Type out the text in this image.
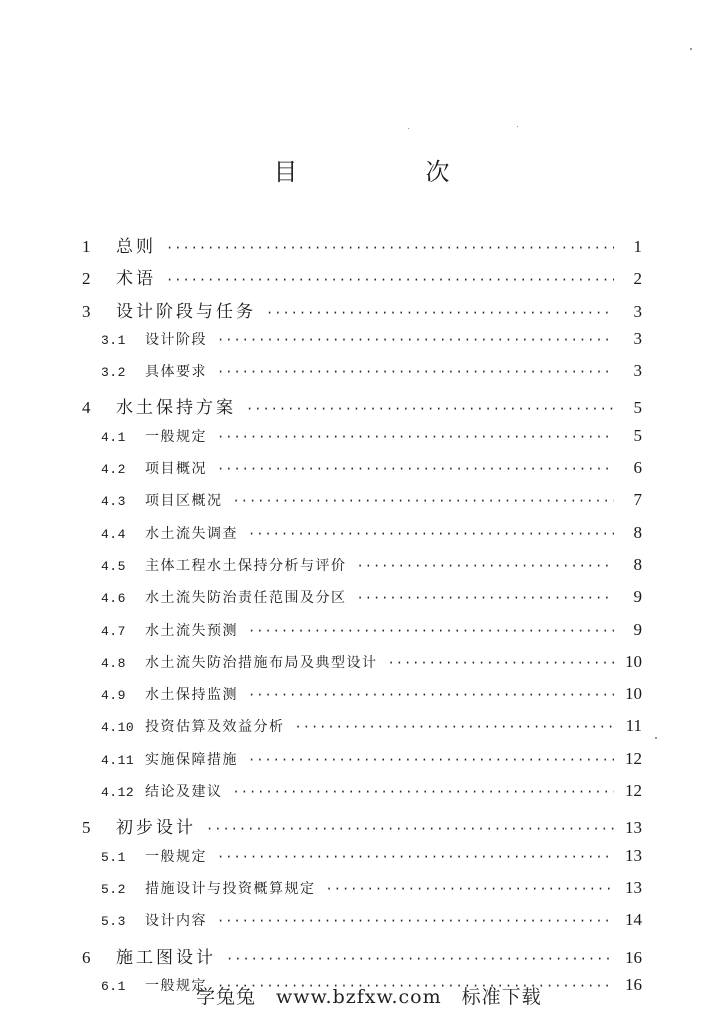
目　次
1	总则 ·····	1
2	术语 ·····	2
3	设计阶段与任务 ·····	3
3.1	设计阶段 ·····	3
3.2	具体要求 ·····	3
4	水土保持方案 ·····	5
4.1	一般规定 ·····	5
4.2	项目概况 ·····	6
4.3	项目区概况 ·····	7
4.4	水土流失调查 ·····	8
4.5	主体工程水土保持分析与评价 ·····	8
4.6	水土流失防治责任范围及分区 ·····	9
4.7	水土流失预测 ·····	9
4.8	水土流失防治措施布局及典型设计 ·····	10
4.9	水土保持监测 ·····	10
4.10 投资估算及效益分析 ·····	11
4.11 实施保障措施 ·····	12
4.12 结论及建议 ·····	12
5	初步设计 ·····	13
5.1	一般规定 ·····	13
5.2	措施设计与投资概算规定 ·····	13
5.3	设计内容 ·····	14
6	施工图设计 ·····	16
6.1	一般规定 ·····	16
学兔兔　www.bzfxw.com　标准下载
